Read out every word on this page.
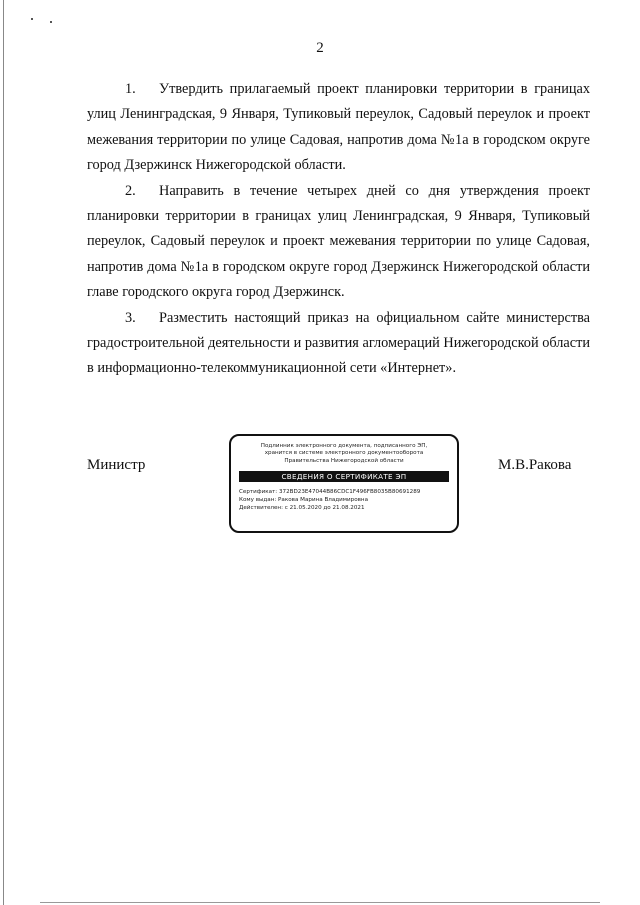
2

1. Утвердить прилагаемый проект планировки территории в границах улиц Ленинградская, 9 Января, Тупиковый переулок, Садовый переулок и проект межевания территории по улице Садовая, напротив дома №1а в городском округе город Дзержинск Нижегородской области.

2. Направить в течение четырех дней со дня утверждения проект планировки территории в границах улиц Ленинградская, 9 Января, Тупиковый переулок, Садовый переулок и проект межевания территории по улице Садовая, напротив дома №1а в городском округе город Дзержинск Нижегородской области главе городского округа город Дзержинск.

3. Разместить настоящий приказ на официальном сайте министерства градостроительной деятельности и развития агломераций Нижегородской области в информационно-телекоммуникационной сети «Интернет».

Министр
Подлинник электронного документа, подписанного ЭП,
хранится в системе электронного документооборота
Правительства Нижегородской области
СВЕДЕНИЯ О СЕРТИФИКАТЕ ЭП
Сертификат: 372BD23E47044B86CDC1F496FB8035B80691289
Кому выдан: Ракова Марина Владимировна
Действителен: с 21.05.2020 до 21.08.2021
М.В.Ракова
